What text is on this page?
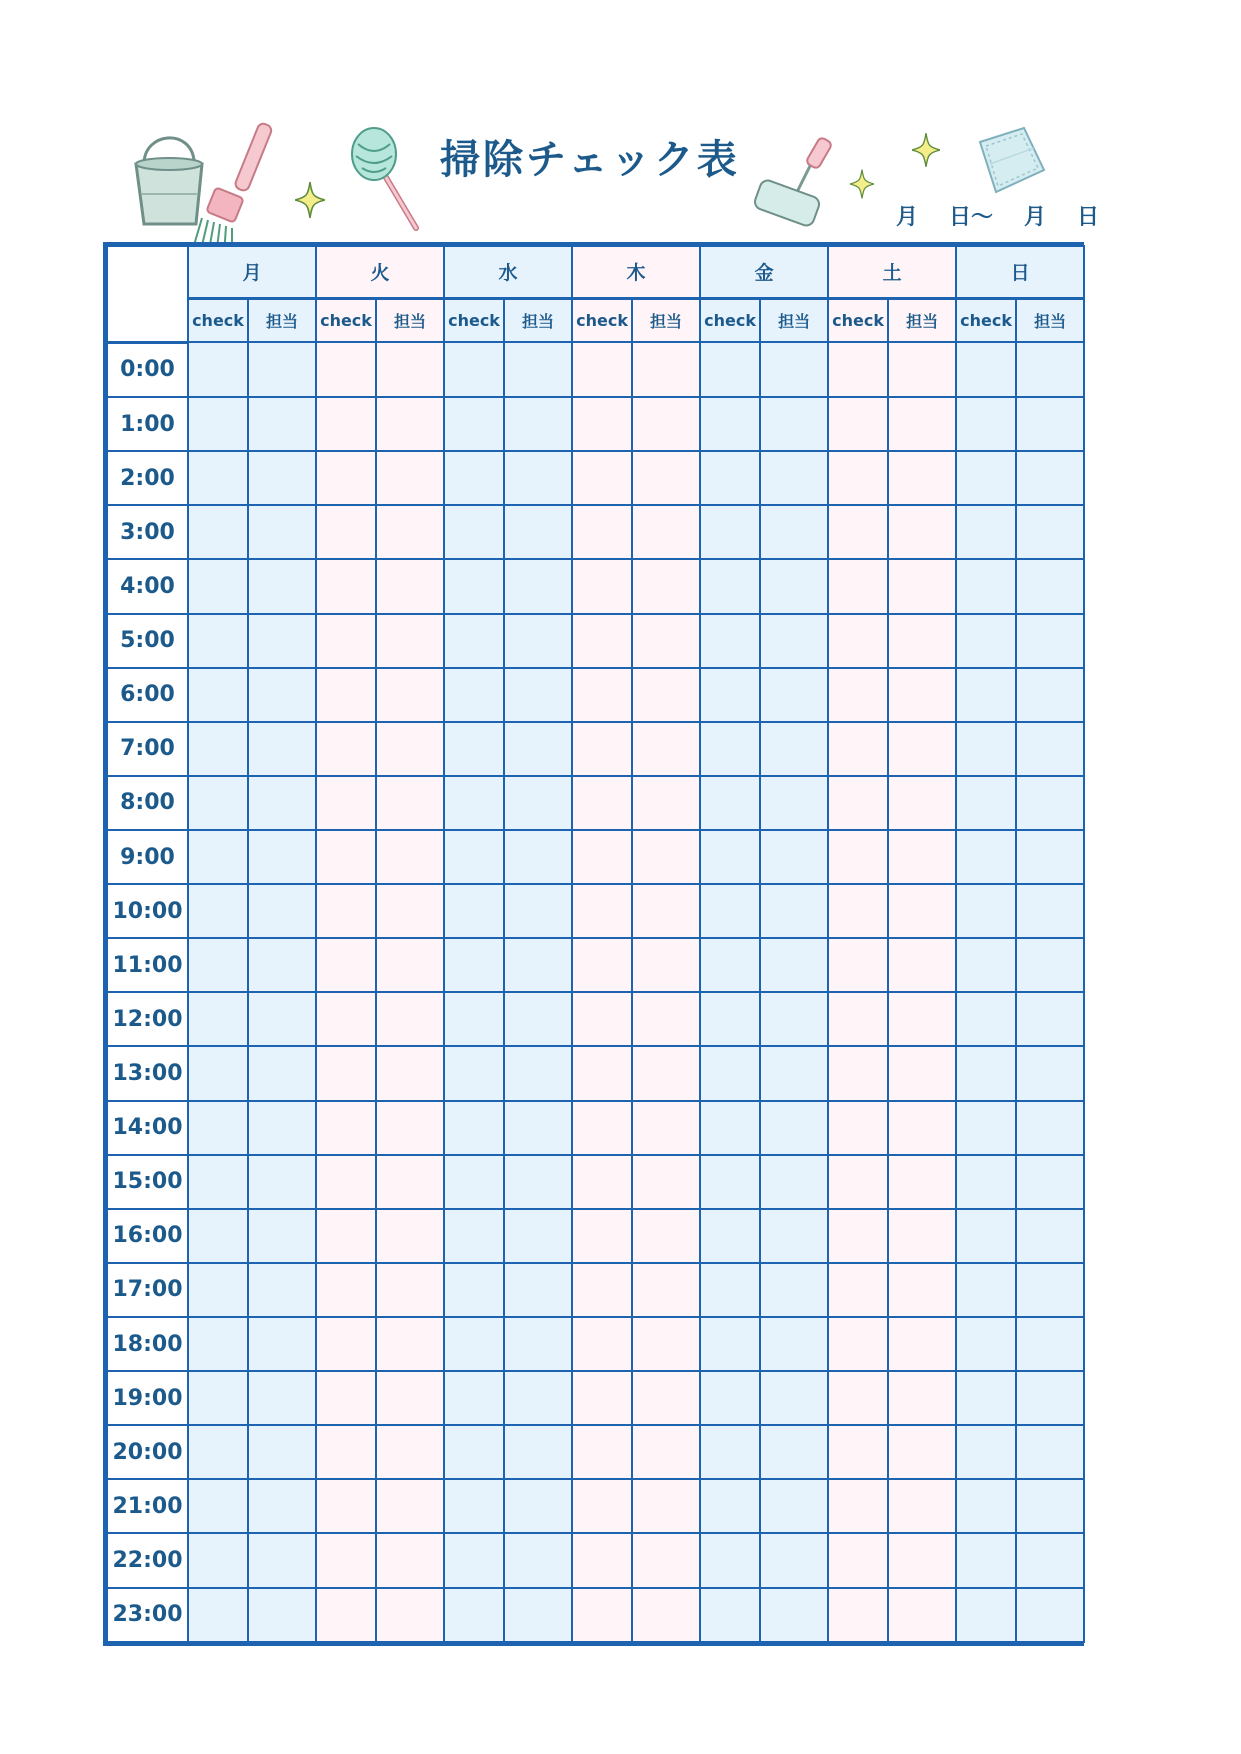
掃除チェック表
月
日〜
月
日
	月		火		水		木		金		土		日	
	check	担当	check	担当	check	担当	check	担当	check	担当	check	担当	check	担当
0:00														
1:00														
2:00														
3:00														
4:00														
5:00														
6:00														
7:00														
8:00														
9:00														
10:00														
11:00														
12:00														
13:00														
14:00														
15:00														
16:00														
17:00														
18:00														
19:00														
20:00														
21:00														
22:00														
23:00														
